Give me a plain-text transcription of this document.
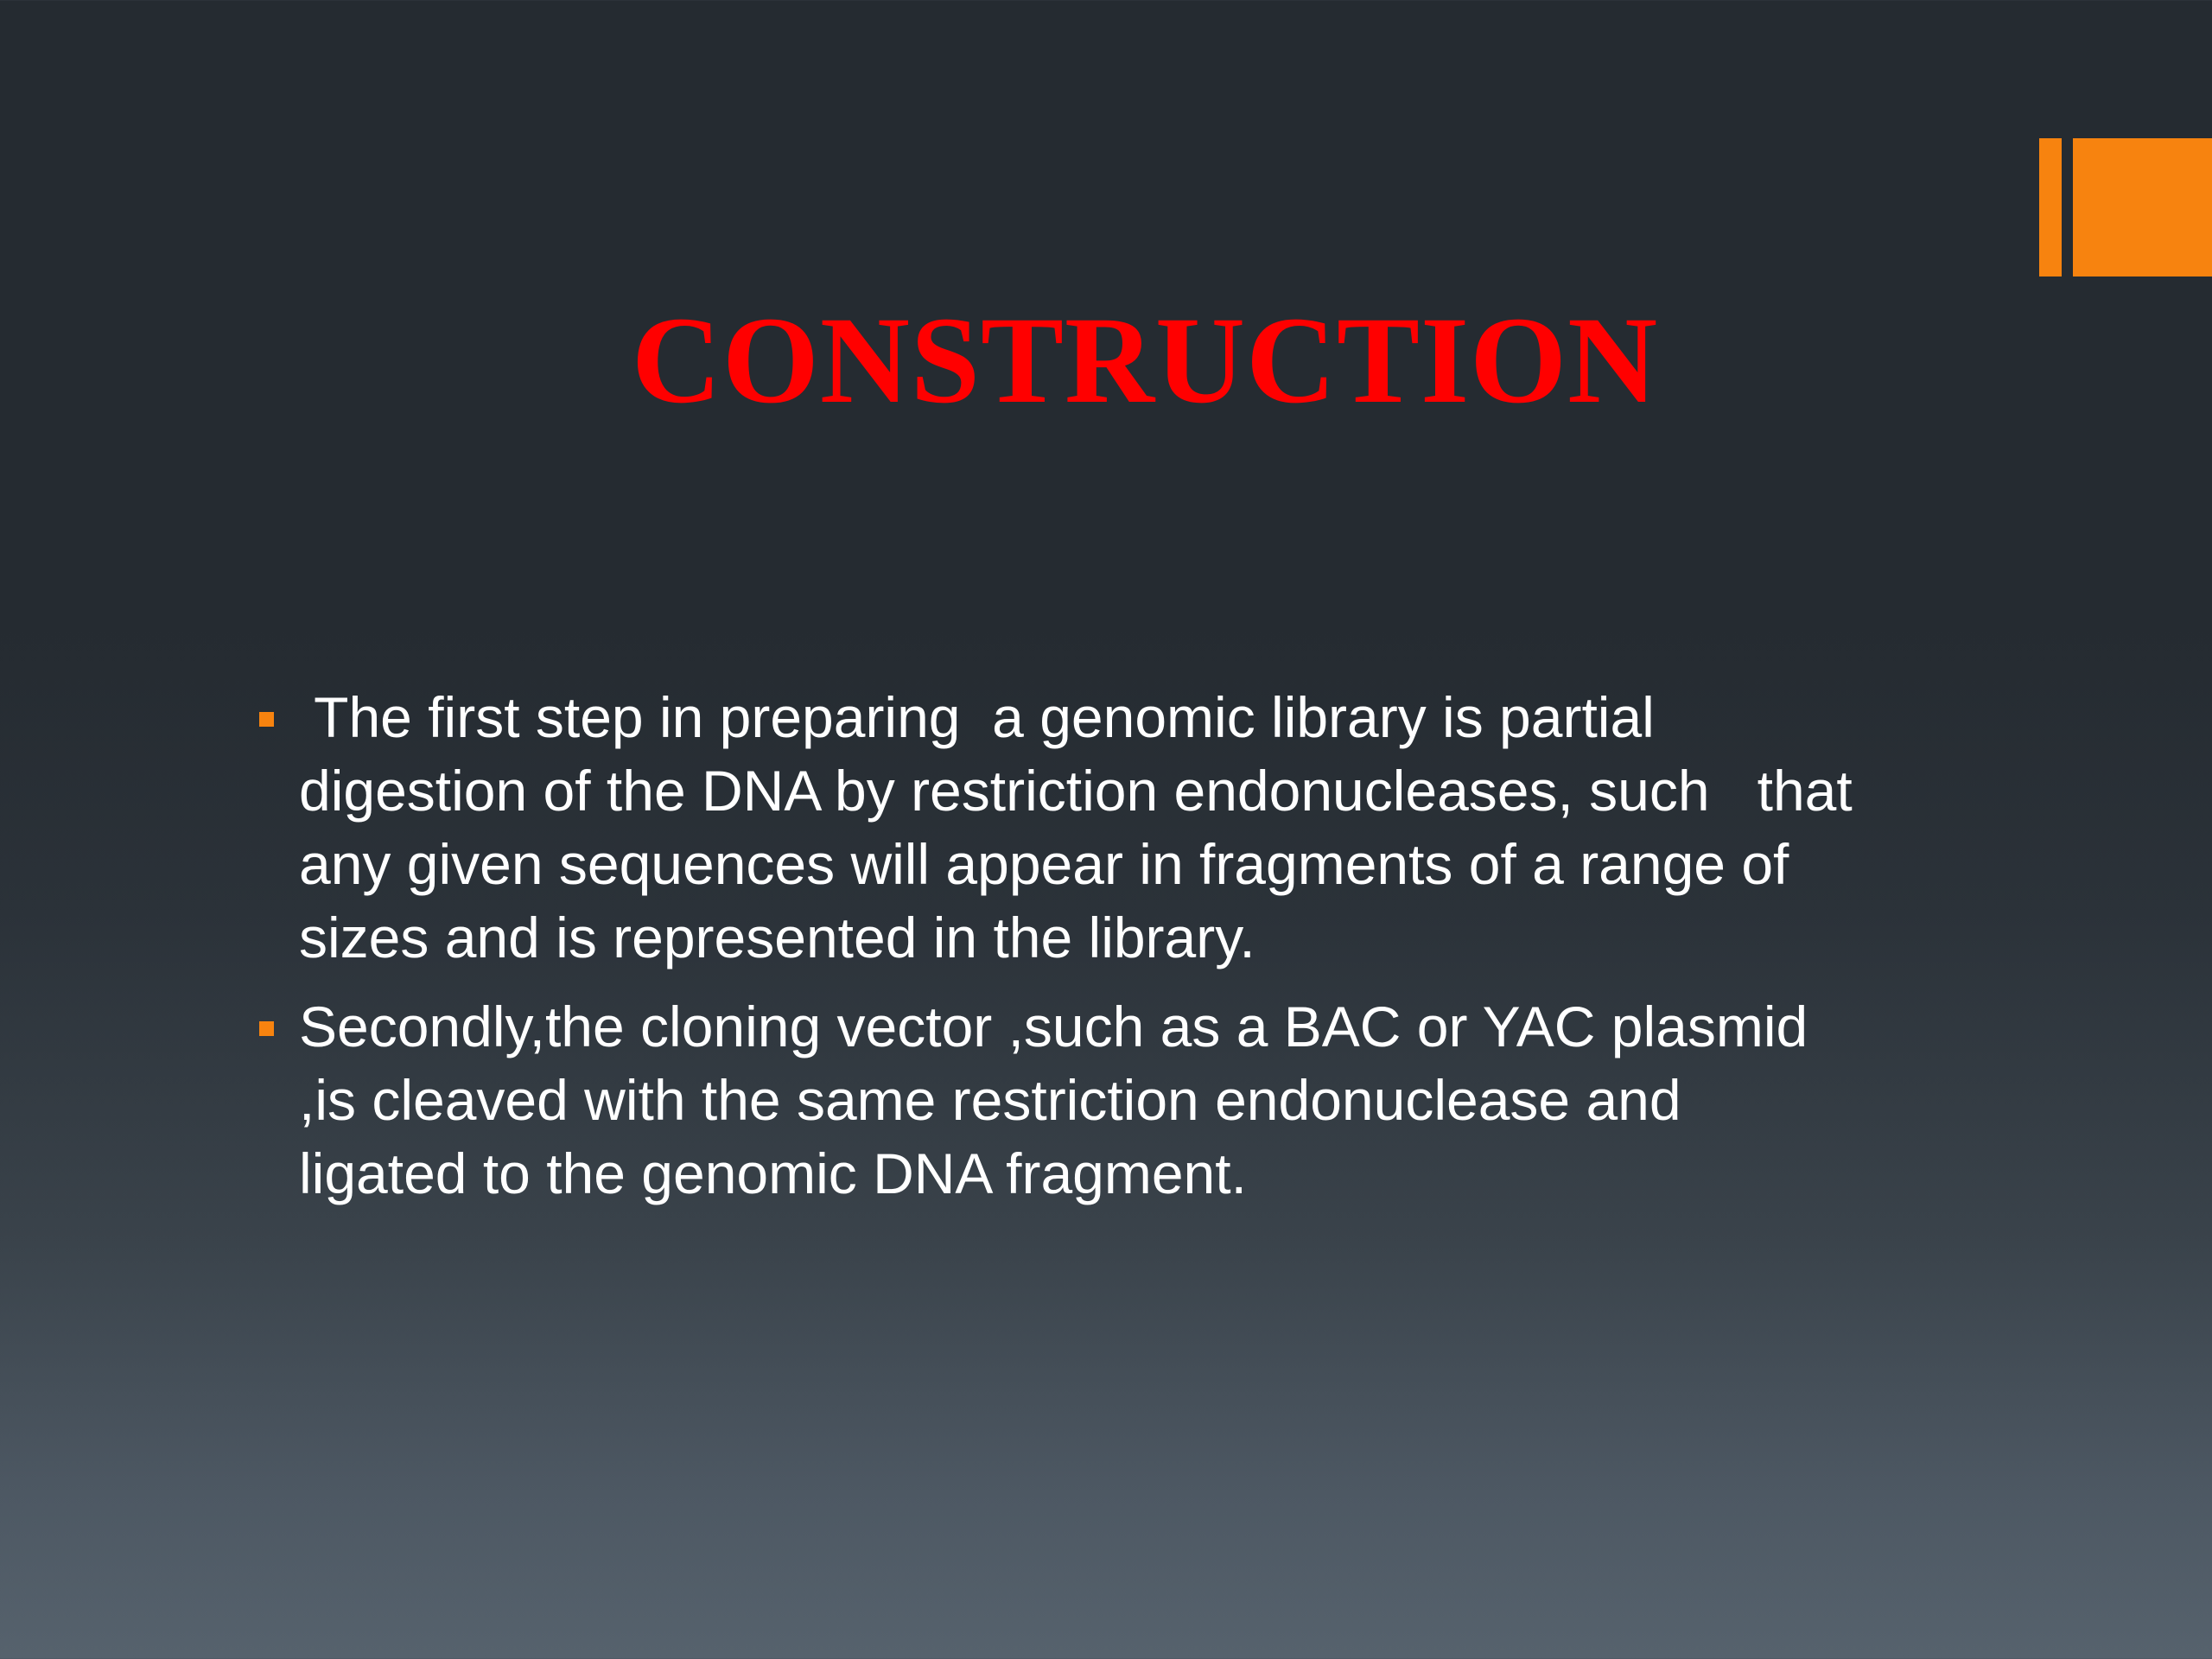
CONSTRUCTION
The first step in preparing  a genomic library is partial
digestion of the DNA by restriction endonucleases, such   that
any given sequences will appear in fragments of a range of
sizes and is represented in the library.
Secondly,the cloning vector ,such as a BAC or YAC plasmid
,is cleaved with the same restriction endonuclease and
ligated to the genomic DNA fragment.
